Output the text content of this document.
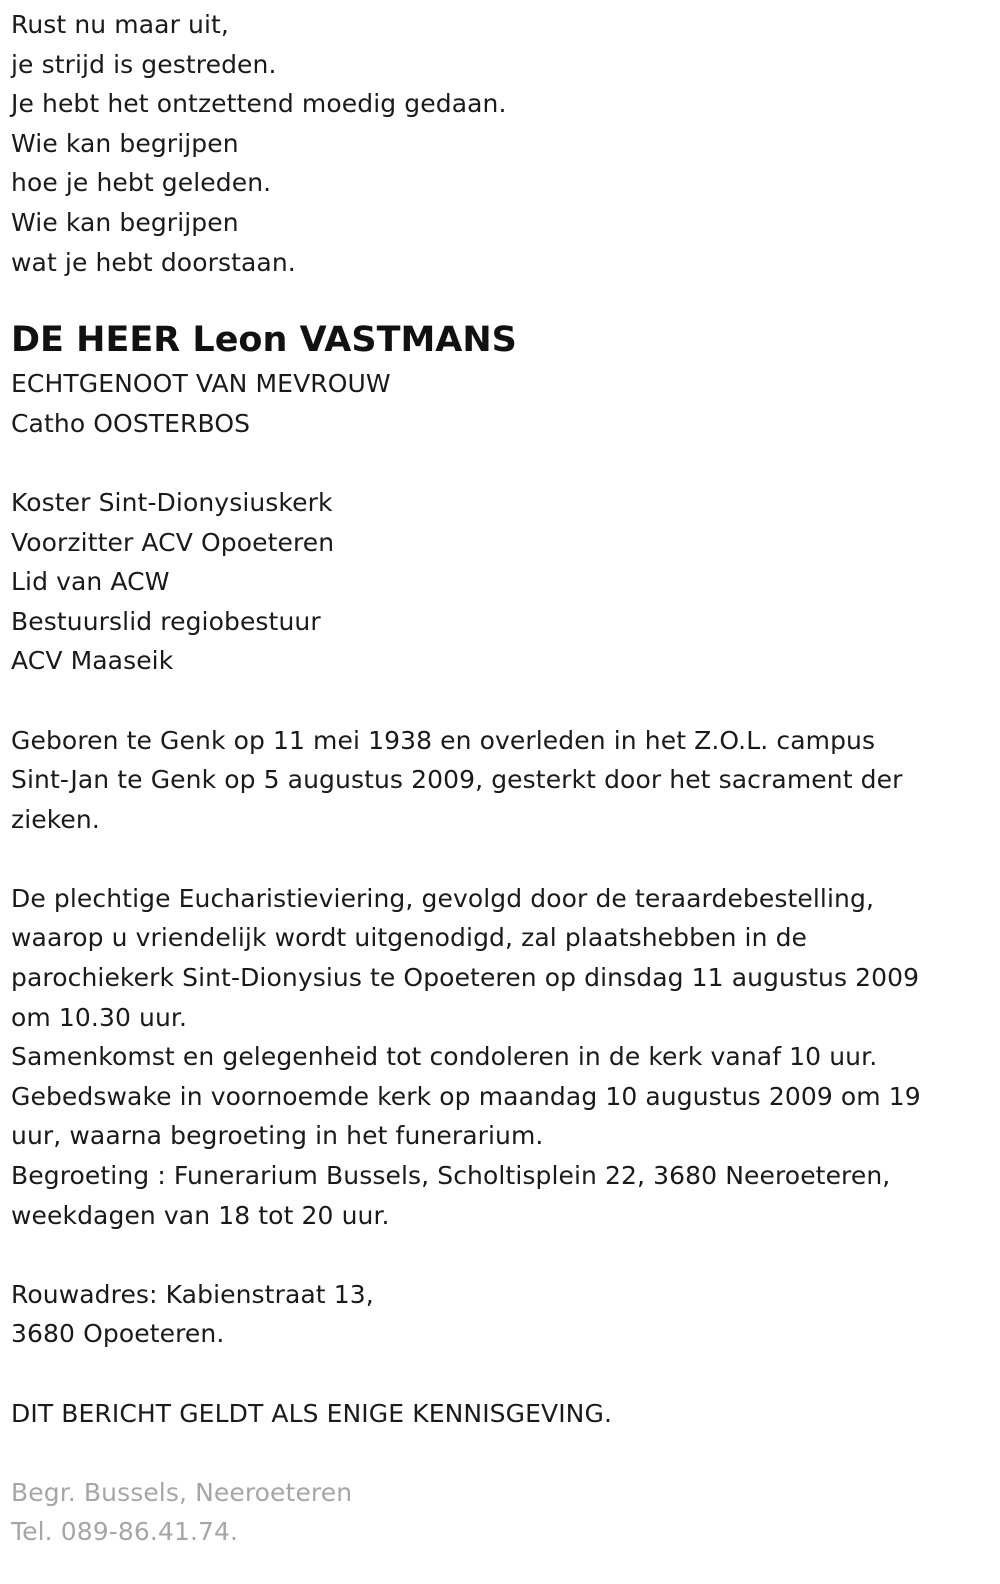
Rust nu maar uit,
je strijd is gestreden.
Je hebt het ontzettend moedig gedaan.
Wie kan begrijpen
hoe je hebt geleden.
Wie kan begrijpen
wat je hebt doorstaan.
DE HEER Leon VASTMANS
ECHTGENOOT VAN MEVROUW
Catho OOSTERBOS
Koster Sint-Dionysiuskerk
Voorzitter ACV Opoeteren
Lid van ACW
Bestuurslid regiobestuur
ACV Maaseik
Geboren te Genk op 11 mei 1938 en overleden in het Z.O.L. campus
Sint-Jan te Genk op 5 augustus 2009, gesterkt door het sacrament der
zieken.
De plechtige Eucharistieviering, gevolgd door de teraardebestelling,
waarop u vriendelijk wordt uitgenodigd, zal plaatshebben in de
parochiekerk Sint-Dionysius te Opoeteren op dinsdag 11 augustus 2009
om 10.30 uur.
Samenkomst en gelegenheid tot condoleren in de kerk vanaf 10 uur.
Gebedswake in voornoemde kerk op maandag 10 augustus 2009 om 19
uur, waarna begroeting in het funerarium.
Begroeting : Funerarium Bussels, Scholtisplein 22, 3680 Neeroeteren,
weekdagen van 18 tot 20 uur.
Rouwadres: Kabienstraat 13,
3680 Opoeteren.
DIT BERICHT GELDT ALS ENIGE KENNISGEVING.
Begr. Bussels, Neeroeteren
Tel. 089-86.41.74.
